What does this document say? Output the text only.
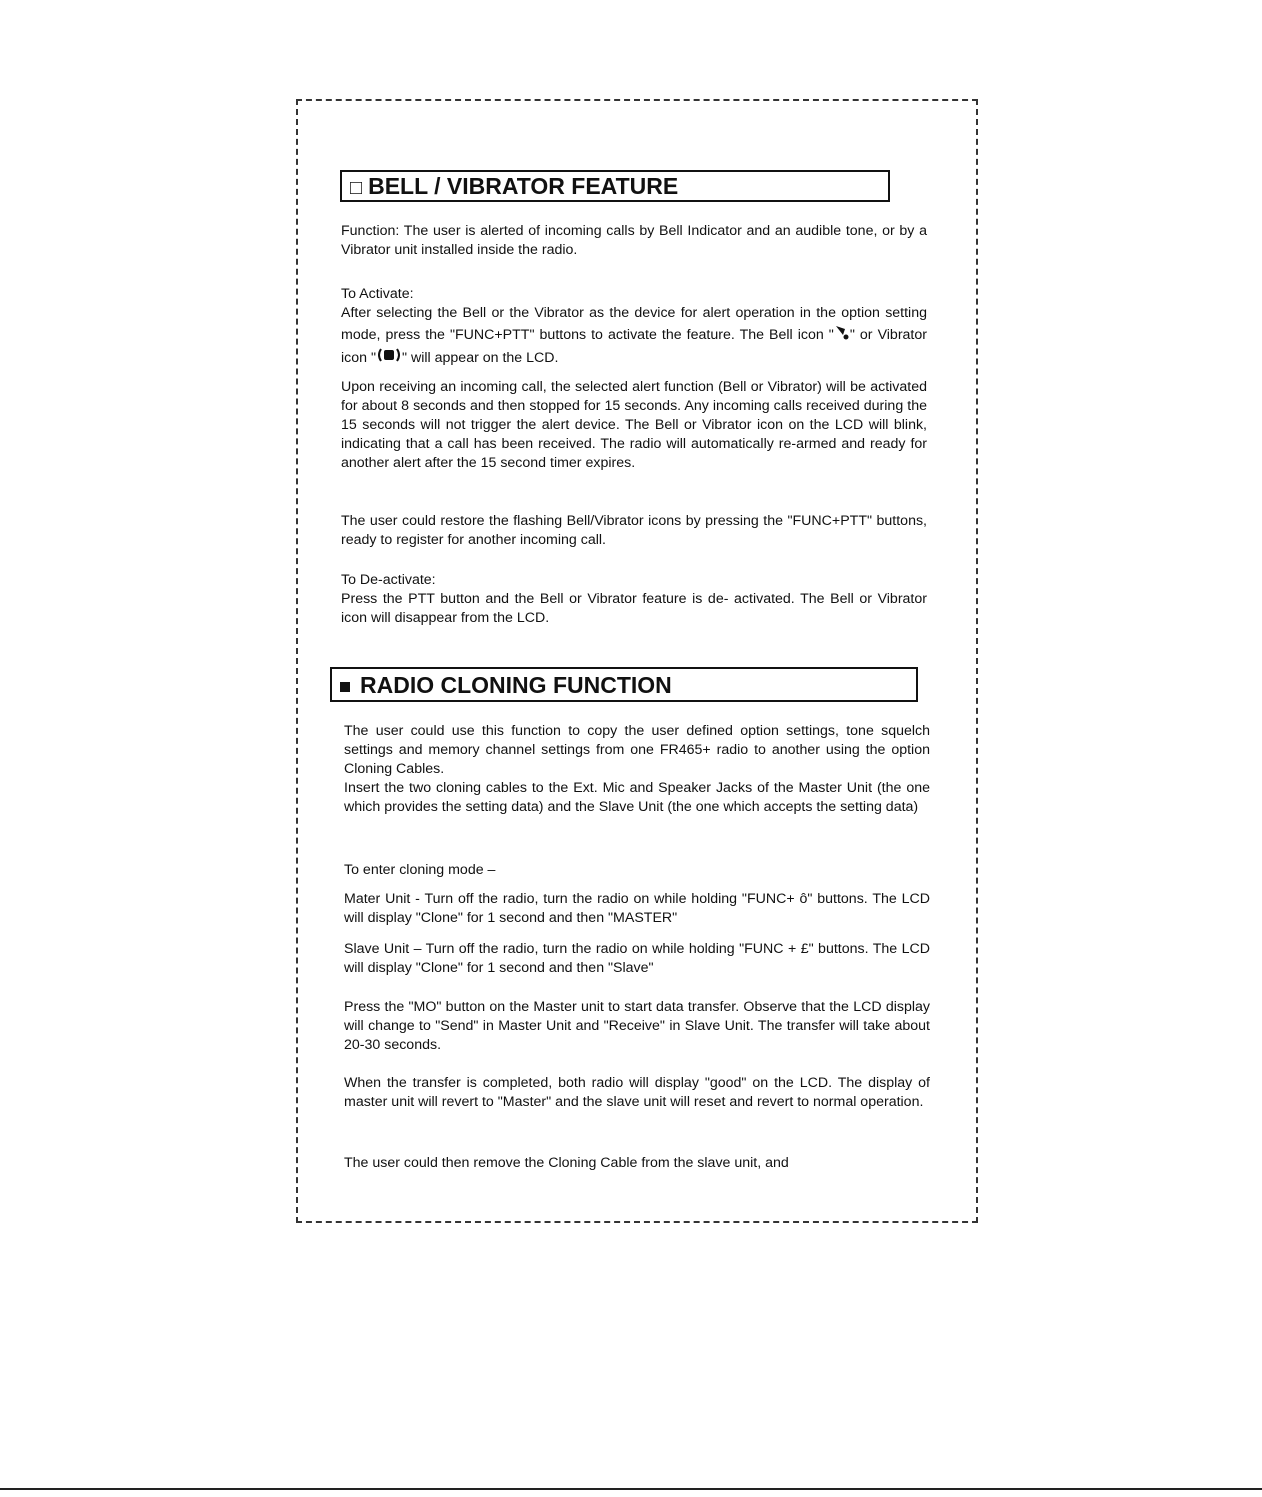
□ BELL / VIBRATOR FEATURE

Function: The user is alerted of incoming calls by Bell Indicator and an audible tone, or by a Vibrator unit installed inside the radio.

To Activate:

After selecting the Bell or the Vibrator as the device for alert operation in the option setting mode, press the "FUNC+PTT" buttons to activate the feature. The Bell icon " " or Vibrator icon " " will appear on the LCD.

Upon receiving an incoming call, the selected alert function (Bell or Vibrator) will be activated for about 8 seconds and then stopped for 15 seconds. Any incoming calls received during the 15 seconds will not trigger the alert device. The Bell or Vibrator icon on the LCD will blink, indicating that a call has been received. The radio will automatically re-armed and ready for another alert after the 15 second timer expires.

The user could restore the flashing Bell/Vibrator icons by pressing the "FUNC+PTT" buttons, ready to register for another incoming call.

To De-activate:

Press the PTT button and the Bell or Vibrator feature is de- activated. The Bell or Vibrator icon will disappear from the LCD.

RADIO CLONING FUNCTION

The user could use this function to copy the user defined option settings, tone squelch settings and memory channel settings from one FR465+ radio to another using the option Cloning Cables.

Insert the two cloning cables to the Ext. Mic and Speaker Jacks of the Master Unit (the one which provides the setting data) and the Slave Unit (the one which accepts the setting data)

To enter cloning mode –

Mater Unit - Turn off the radio, turn the radio on while holding "FUNC+ ô" buttons. The LCD will display "Clone" for 1 second and then "MASTER"

Slave Unit – Turn off the radio, turn the radio on while holding "FUNC + £" buttons. The LCD will display "Clone" for 1 second and then "Slave"

Press the "MO" button on the Master unit to start data transfer. Observe that the LCD display will change to "Send" in Master Unit and "Receive" in Slave Unit. The transfer will take about 20-30 seconds.

When the transfer is completed, both radio will display "good" on the LCD. The display of master unit will revert to "Master" and the slave unit will reset and revert to normal operation.

The user could then remove the Cloning Cable from the slave unit, and
